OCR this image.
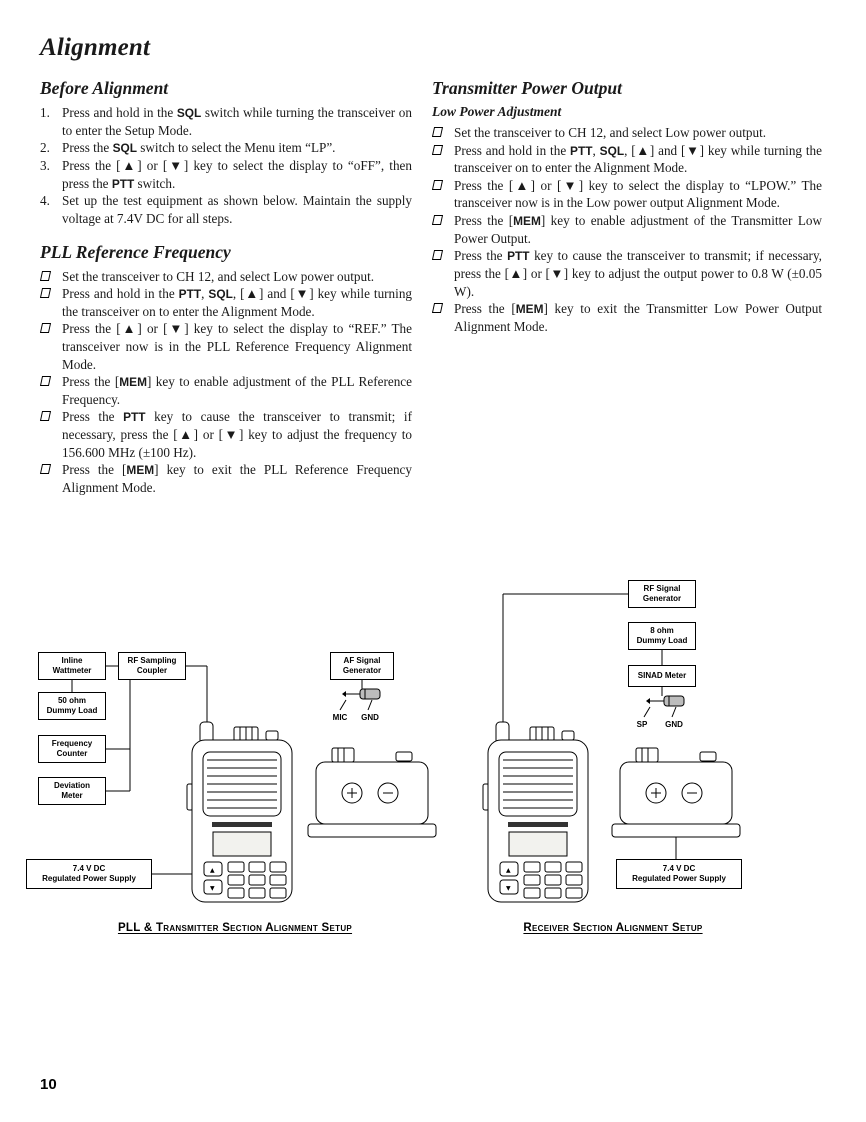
Alignment
Before Alignment
1. Press and hold in the SQL switch while turning the transceiver on to enter the Setup Mode.
2. Press the SQL switch to select the Menu item “LP”.
3. Press the [▲] or [▼] key to select the display to “oFF”, then press the PTT switch.
4. Set up the test equipment as shown below. Maintain the supply voltage at 7.4V DC for all steps.
PLL Reference Frequency
Set the transceiver to CH 12, and select Low power output.
Press and hold in the PTT, SQL, [▲] and [▼] key while turning the transceiver on to enter the Alignment Mode.
Press the [▲] or [▼] key to select the display to “REF.” The transceiver now is in the PLL Reference Frequency Alignment Mode.
Press the [MEM] key to enable adjustment of the PLL Reference Frequency.
Press the PTT key to cause the transceiver to transmit; if necessary, press the [▲] or [▼] key to adjust the frequency to 156.600 MHz (±100 Hz).
Press the [MEM] key to exit the PLL Reference Frequency Alignment Mode.
Transmitter Power Output
Low Power Adjustment
Set the transceiver to CH 12, and select Low power output.
Press and hold in the PTT, SQL, [▲] and [▼] key while turning the transceiver on to enter the Alignment Mode.
Press the [▲] or [▼] key to select the display to “LPOW.” The transceiver now is in the Low power output Alignment Mode.
Press the [MEM] key to enable adjustment of the Transmitter Low Power Output.
Press the PTT key to cause the transceiver to transmit; if necessary, press the [▲] or [▼] key to adjust the output power to 0.8 W (±0.05 W).
Press the [MEM] key to exit the Transmitter Low Power Output Alignment Mode.
▲
▼
MIC GND
SP GND
Inline
Wattmeter
RF Sampling
Coupler
50 ohm
Dummy Load
Frequency
Counter
Deviation
Meter
AF Signal
Generator
7.4 V DC
Regulated Power Supply
RF Signal
Generator
8 ohm
Dummy Load
SINAD Meter
7.4 V DC
Regulated Power Supply
PLL & Transmitter Section Alignment Setup	Receiver Section Alignment Setup
10
